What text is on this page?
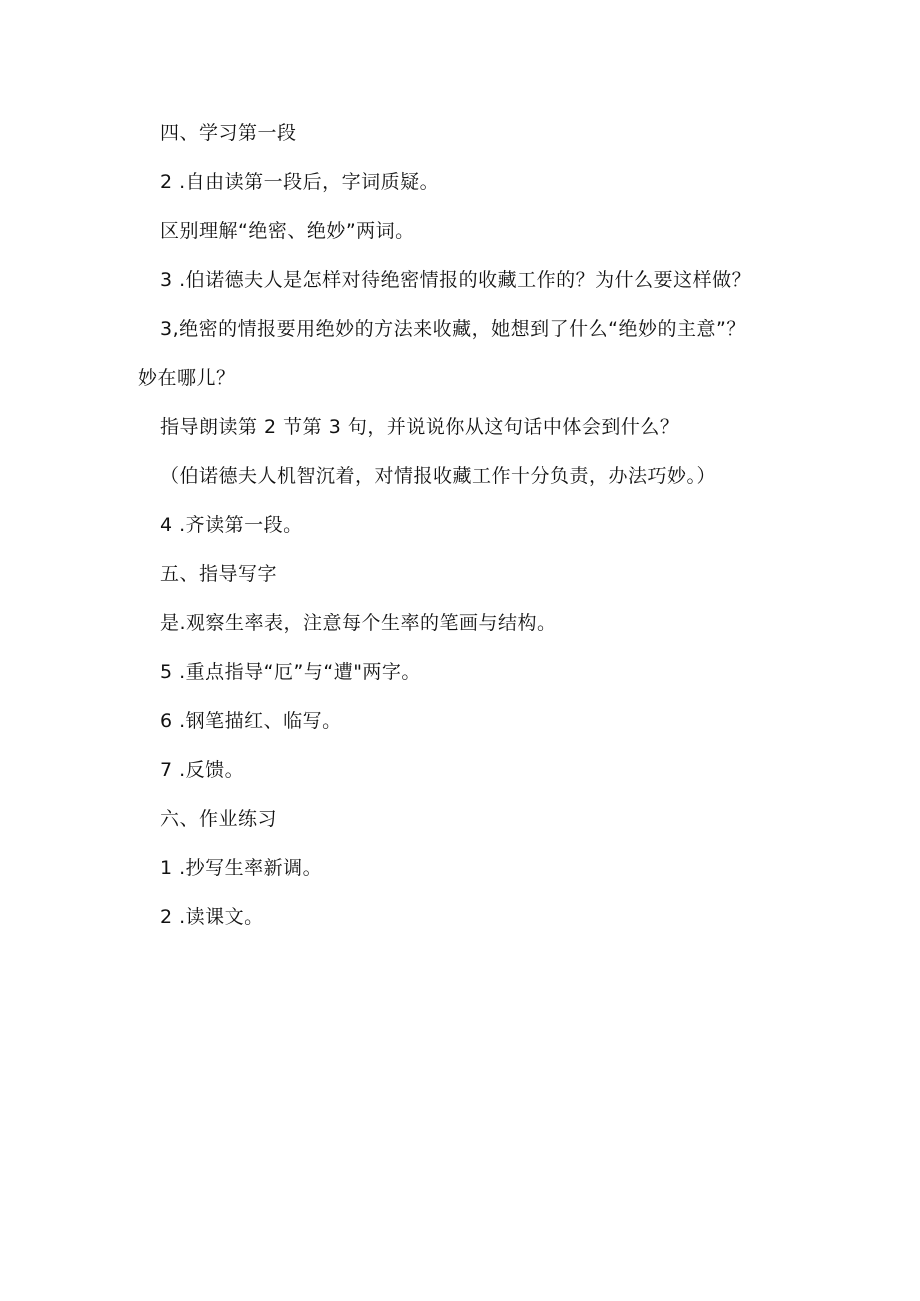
四、学习第一段
2 .自由读第一段后，字词质疑。
区别理解“绝密、绝妙”两词。
3 .伯诺德夫人是怎样对待绝密情报的收藏工作的？为什么要这样做？
3,绝密的情报要用绝妙的方法来收藏，她想到了什么“绝妙的主意”？
妙在哪儿？
指导朗读第 2 节第 3 句，并说说你从这句话中体会到什么？
（伯诺德夫人机智沉着，对情报收藏工作十分负责，办法巧妙。）
4 .齐读第一段。
五、指导写字
是.观察生率表，注意每个生率的笔画与结构。
5 .重点指导“厄”与“遭"两字。
6 .钢笔描红、临写。
7 .反馈。
六、作业练习
1 .抄写生率新调。
2 .读课文。
